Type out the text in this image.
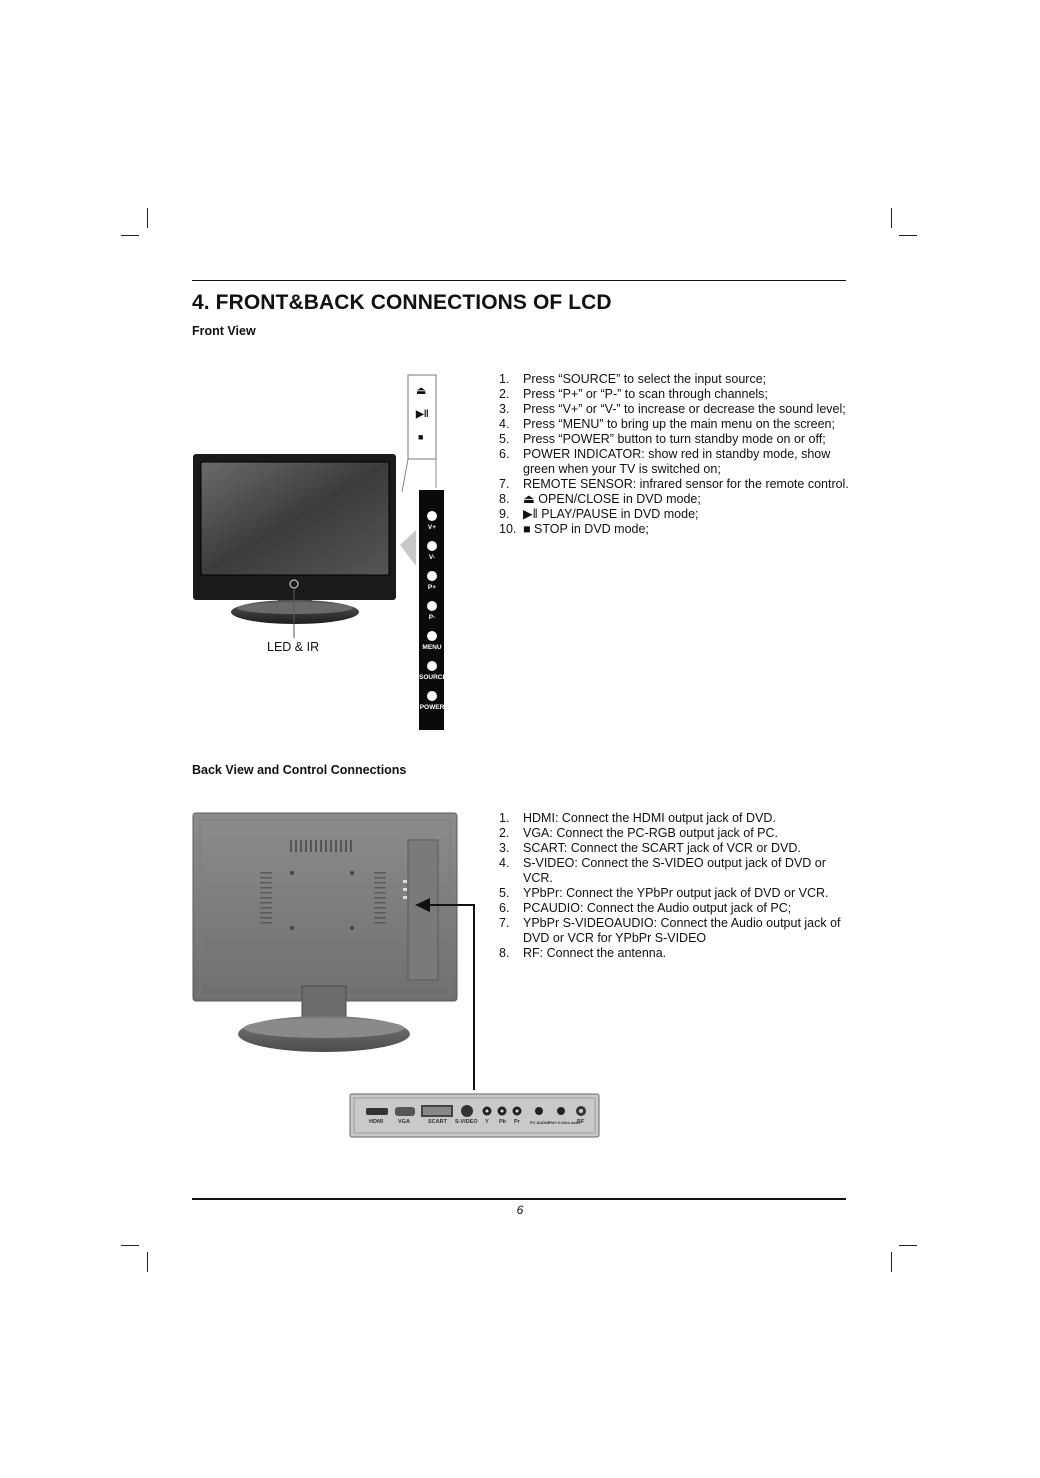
4. FRONT&BACK CONNECTIONS OF LCD
Front View
⏏
▶‖
■
V+
V-
P+
P-
MENU
SOURCE
POWER
LED & IR
1. Press “SOURCE” to select the input source;
2. Press “P+” or “P-” to scan through channels;
3. Press “V+” or “V-” to increase or decrease the sound level;
4. Press “MENU” to bring up the main menu on the screen;
5. Press “POWER” button to turn standby mode on or off;
6. POWER INDICATOR: show red in standby mode, show green when your TV is switched on;
7. REMOTE SENSOR: infrared sensor for the remote control.
8. ⏏ OPEN/CLOSE in DVD mode;
9. ▶‖ PLAY/PAUSE in DVD mode;
10. ■ STOP in DVD mode;
Back View and Control Connections
HDMI	VGA	SCART S-VIDEO Y Pb Pr	PC AUDIO
YPbPr S-Video Audio
RF
1. HDMI: Connect the HDMI output jack of DVD.
2. VGA: Connect the PC-RGB output jack of PC.
3. SCART: Connect the SCART jack of VCR or DVD.
4. S-VIDEO: Connect the S-VIDEO output jack of DVD or VCR.
5. YPbPr: Connect the YPbPr output jack of DVD or VCR.
6. PCAUDIO: Connect the Audio output jack of PC;
7. YPbPr S-VIDEOAUDIO: Connect the Audio output jack of DVD or VCR for YPbPr S-VIDEO
8. RF: Connect the antenna.
6
